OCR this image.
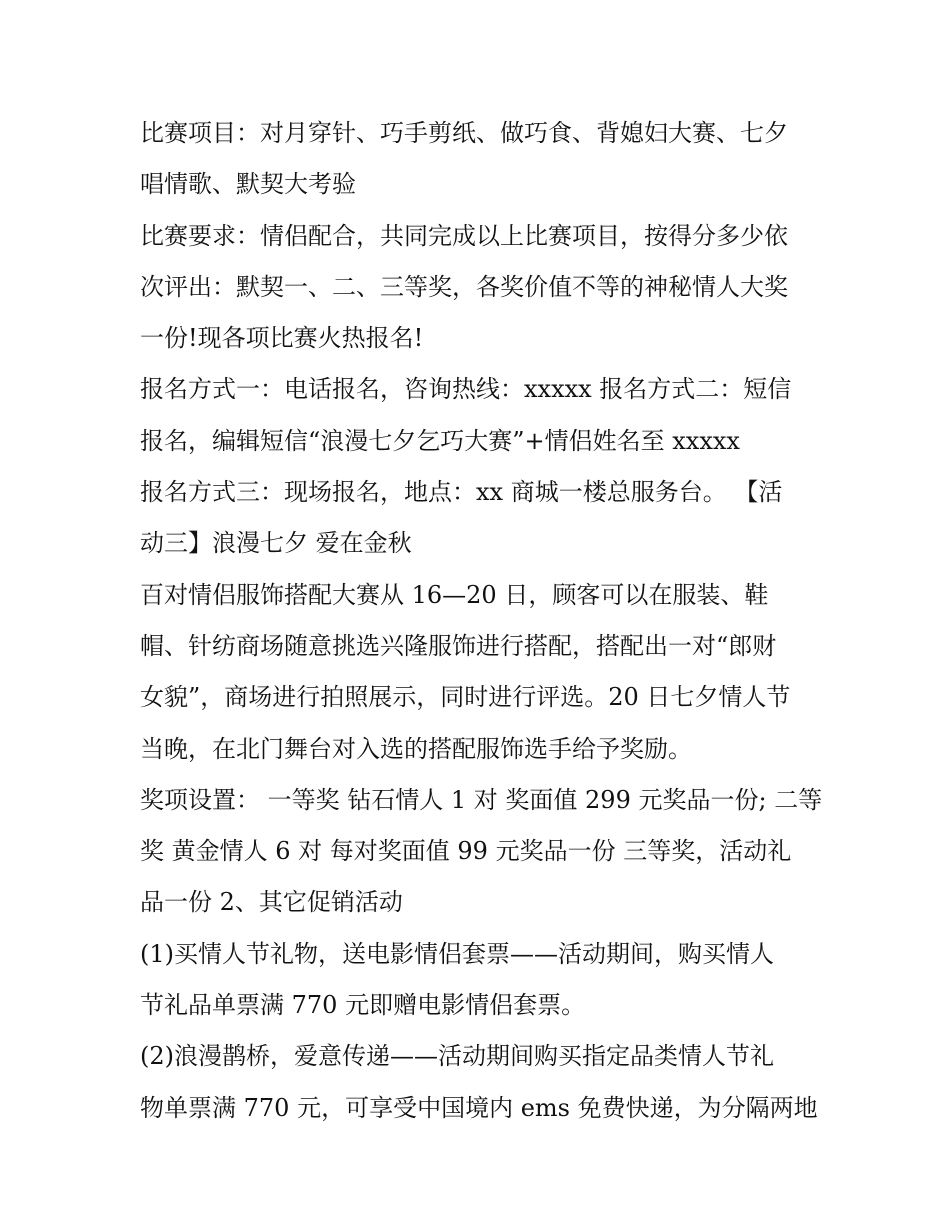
比赛项目：对月穿针、巧手剪纸、做巧食、背媳妇大赛、七夕
唱情歌、默契大考验
比赛要求：情侣配合，共同完成以上比赛项目，按得分多少依
次评出：默契一、二、三等奖，各奖价值不等的神秘情人大奖
一份!现各项比赛火热报名!
报名方式一：电话报名，咨询热线：xxxxx 报名方式二：短信
报名，编辑短信“浪漫七夕乞巧大赛”+情侣姓名至 xxxxx
报名方式三：现场报名，地点：xx 商城一楼总服务台。 【活
动三】浪漫七夕 爱在金秋
百对情侣服饰搭配大赛从 16—20 日，顾客可以在服装、鞋
帽、针纺商场随意挑选兴隆服饰进行搭配，搭配出一对“郎财
女貌”，商场进行拍照展示，同时进行评选。20 日七夕情人节
当晚，在北门舞台对入选的搭配服饰选手给予奖励。
奖项设置： 一等奖 钻石情人 1 对 奖面值 299 元奖品一份; 二等
奖 黄金情人 6 对 每对奖面值 99 元奖品一份 三等奖，活动礼
品一份 2、其它促销活动
(1)买情人节礼物，送电影情侣套票——活动期间，购买情人
节礼品单票满 770 元即赠电影情侣套票。
(2)浪漫鹊桥，爱意传递——活动期间购买指定品类情人节礼
物单票满 770 元，可享受中国境内 ems 免费快递，为分隔两地
